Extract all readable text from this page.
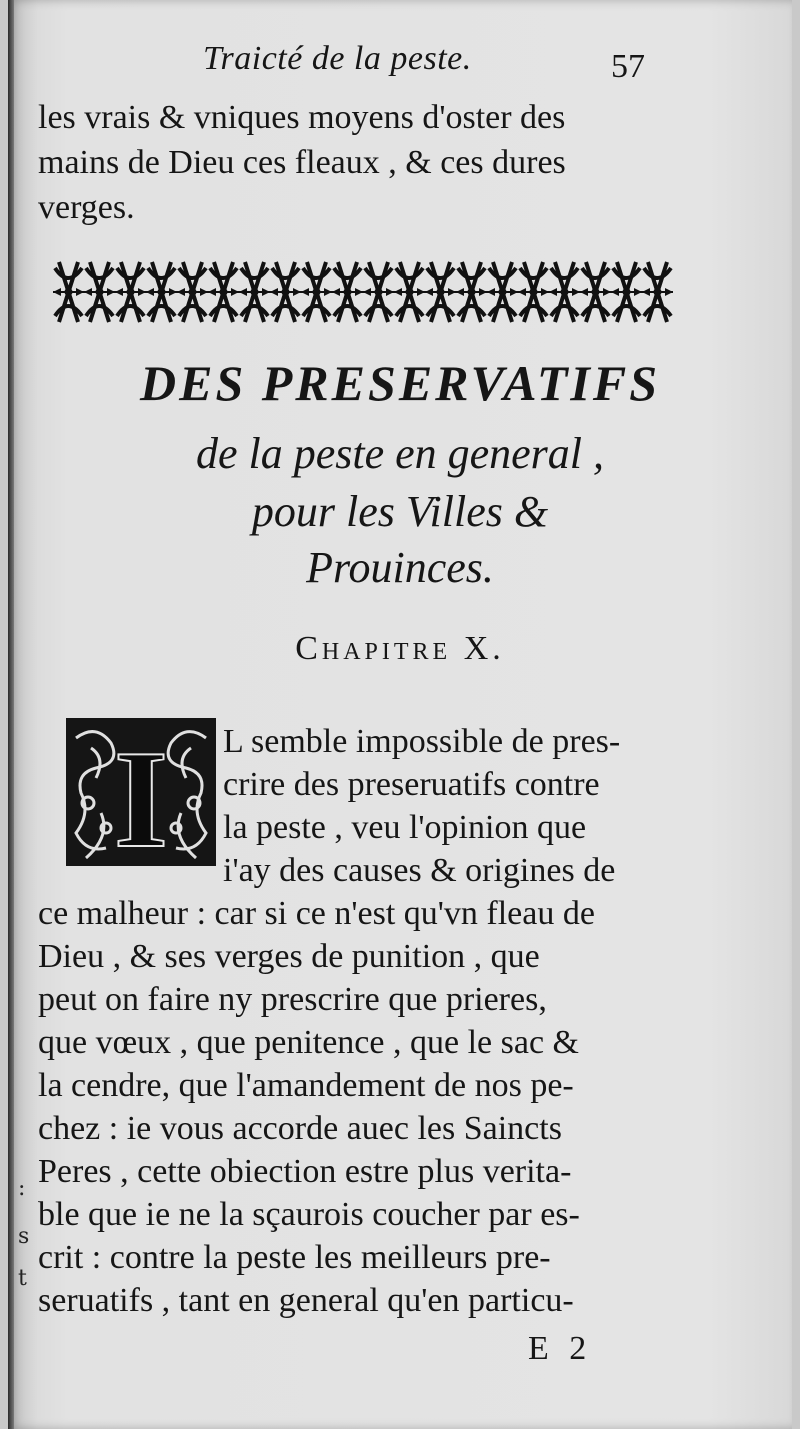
:
s
t
Traicté de la peste.	57
les vrais & vniques moyens d'oster des
mains de Dieu ces fleaux , & ces dures
verges.
DES PRESERVATIFS
de la peste en general ,
pour les Villes &
Prouinces.
Chapitre X.
I L semble impossible de pres-
crire des preseruatifs contre
la peste , veu l'opinion que
i'ay des causes & origines de
ce malheur : car si ce n'est qu'vn fleau de
Dieu , & ses verges de punition , que
peut on faire ny prescrire que prieres,
que vœux , que penitence , que le sac &
la cendre, que l'amandement de nos pe-
chez : ie vous accorde auec les Saincts
Peres , cette obiection estre plus verita-
ble que ie ne la sçaurois coucher par es-
crit : contre la peste les meilleurs pre-
seruatifs , tant en general qu'en particu-
E 2
